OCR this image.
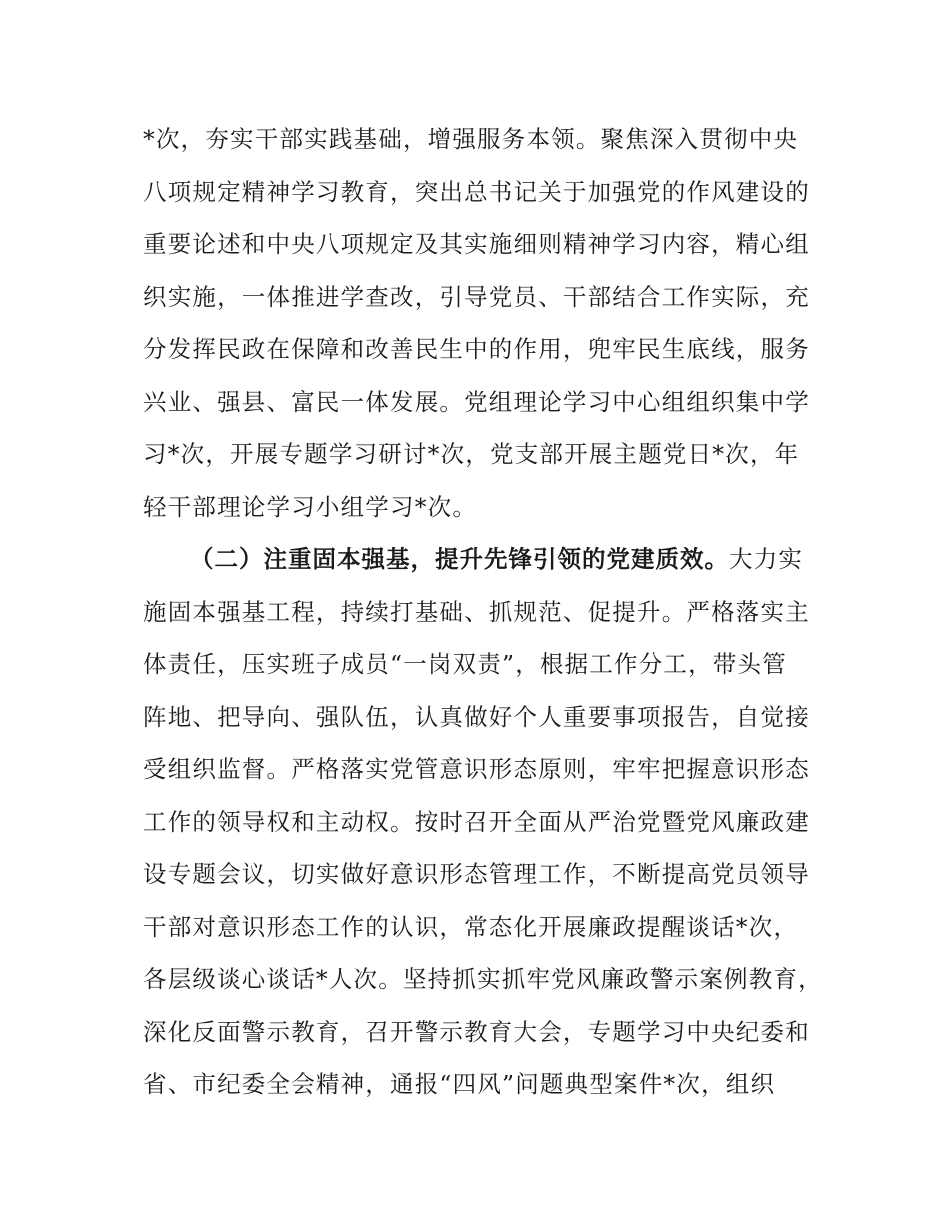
*次，夯实干部实践基础，增强服务本领。聚焦深入贯彻中央
八项规定精神学习教育，突出总书记关于加强党的作风建设的
重要论述和中央八项规定及其实施细则精神学习内容，精心组
织实施，一体推进学查改，引导党员、干部结合工作实际，充
分发挥民政在保障和改善民生中的作用，兜牢民生底线，服务
兴业、强县、富民一体发展。党组理论学习中心组组织集中学
习*次，开展专题学习研讨*次，党支部开展主题党日*次，年
轻干部理论学习小组学习*次。
（二）注重固本强基，提升先锋引领的党建质效。大力实
施固本强基工程，持续打基础、抓规范、促提升。严格落实主
体责任，压实班子成员“一岗双责”，根据工作分工，带头管
阵地、把导向、强队伍，认真做好个人重要事项报告，自觉接
受组织监督。严格落实党管意识形态原则，牢牢把握意识形态
工作的领导权和主动权。按时召开全面从严治党暨党风廉政建
设专题会议，切实做好意识形态管理工作，不断提高党员领导
干部对意识形态工作的认识，常态化开展廉政提醒谈话*次，
各层级谈心谈话*人次。坚持抓实抓牢党风廉政警示案例教育，
深化反面警示教育，召开警示教育大会，专题学习中央纪委和
省、市纪委全会精神，通报“四风”问题典型案件*次，组织
